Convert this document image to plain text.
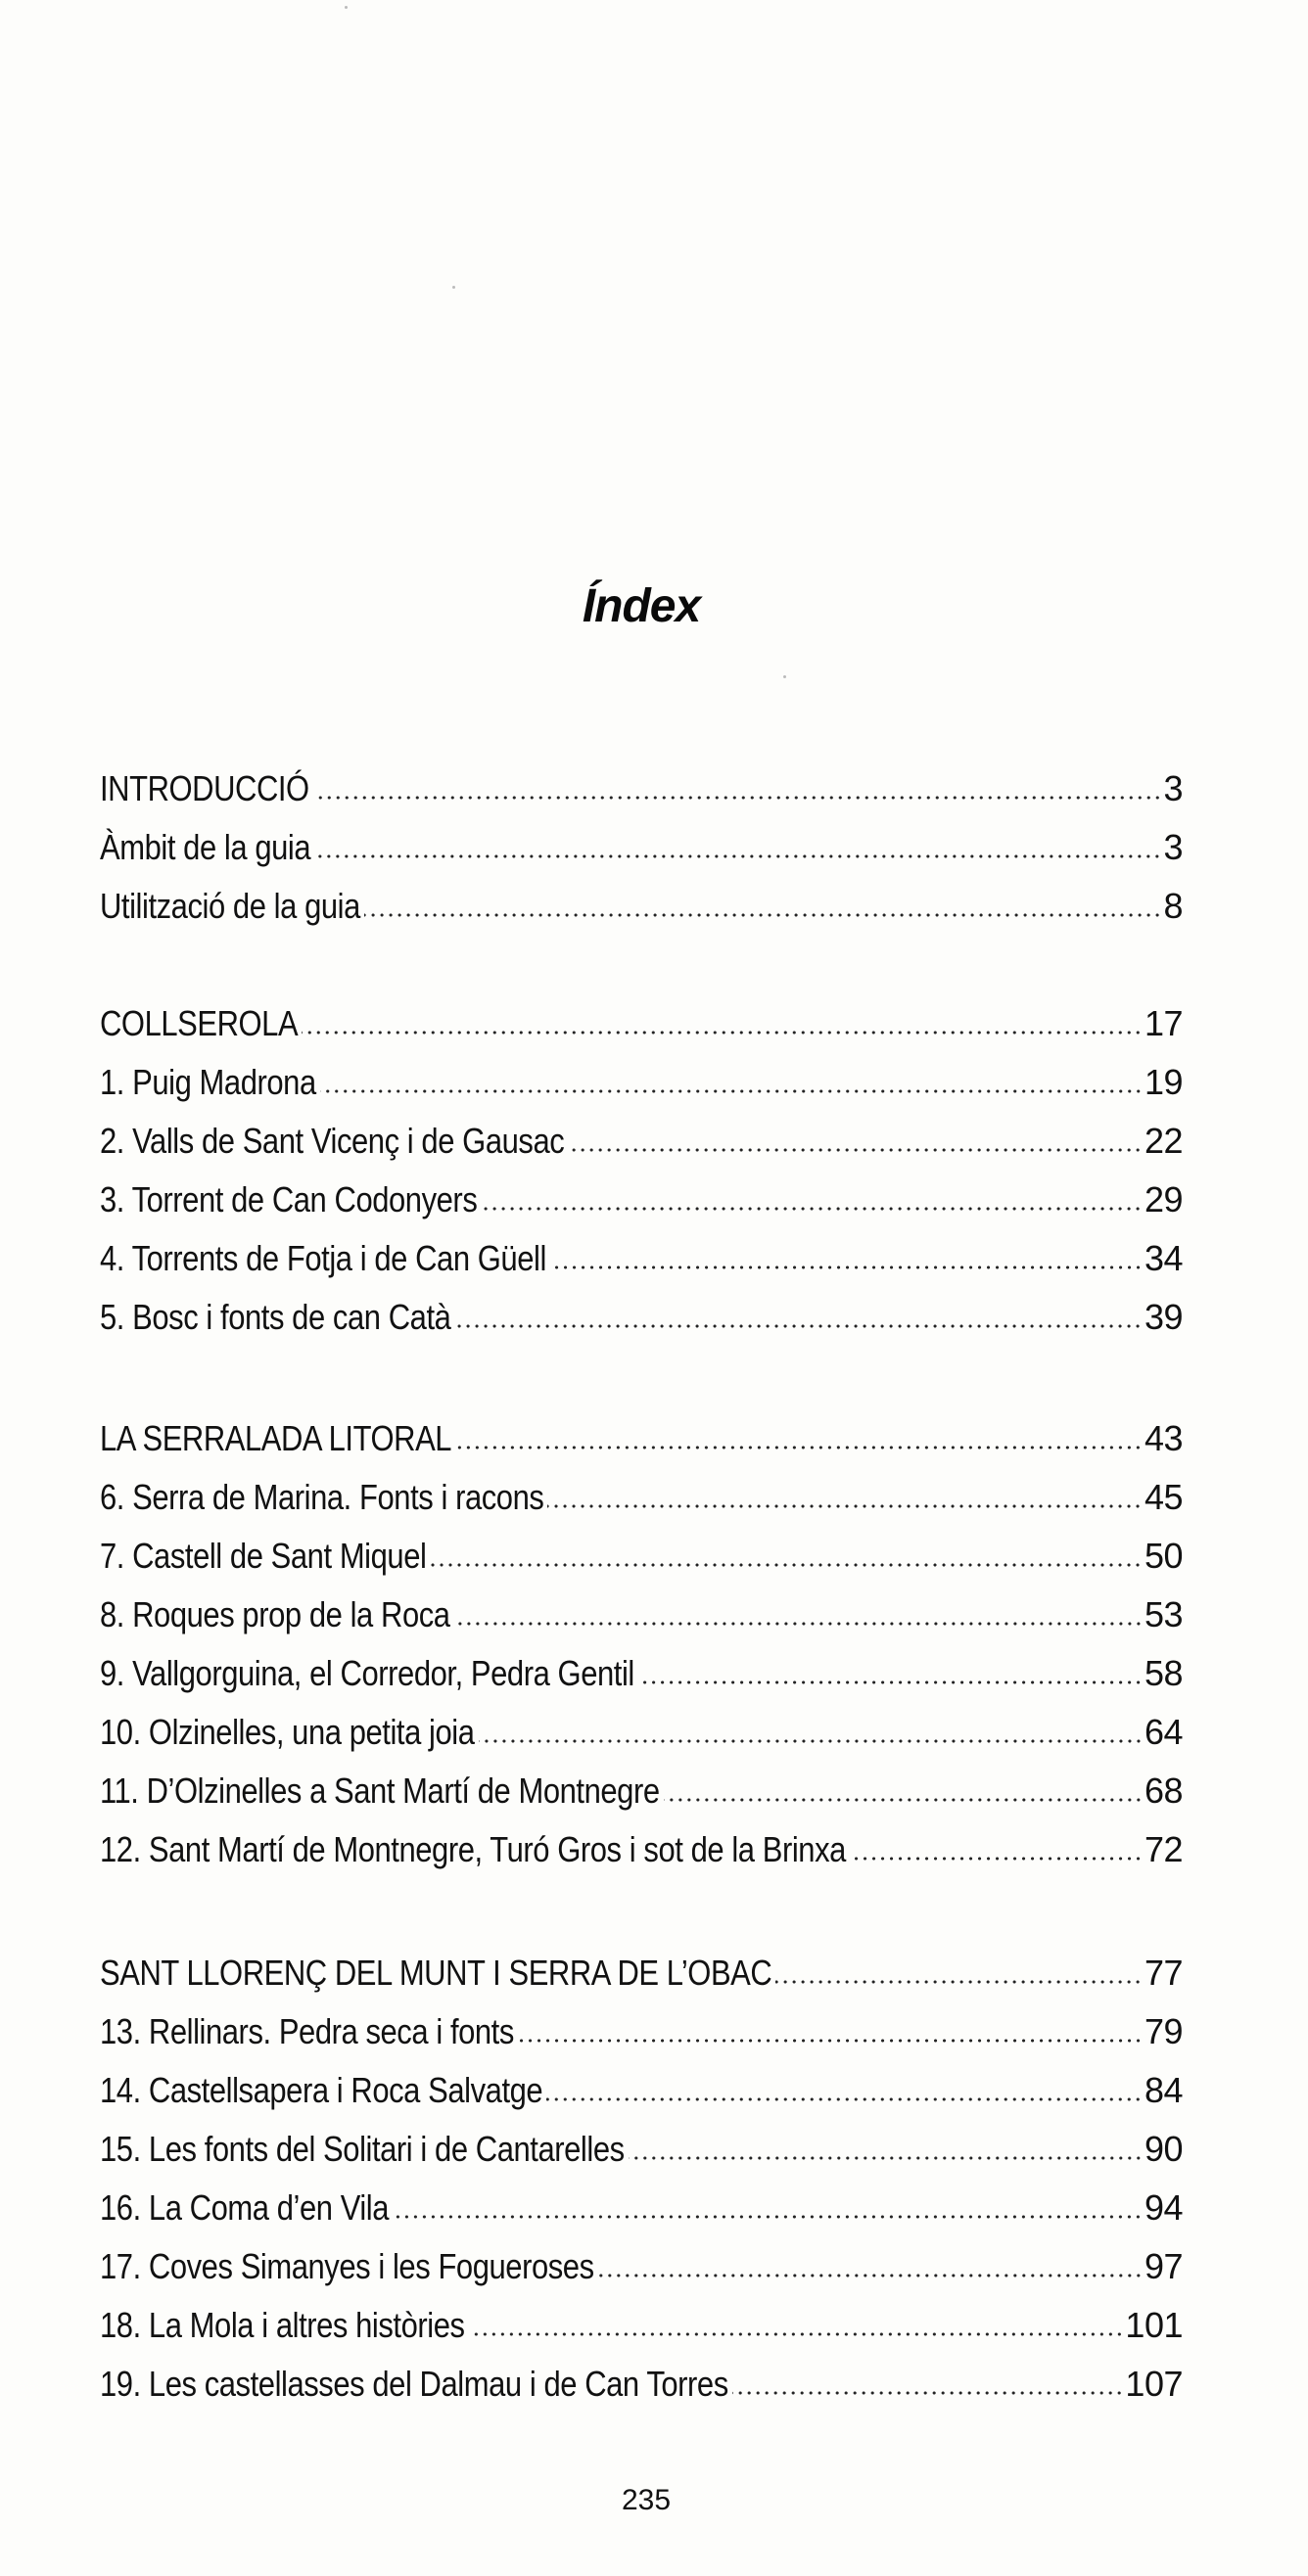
Índex
INTRODUCCIÓ	3
Àmbit de la guia	3
Utilització de la guia	8
COLLSEROLA	17
1. Puig Madrona	19
2. Valls de Sant Vicenç i de Gausac	22
3. Torrent de Can Codonyers	29
4. Torrents de Fotja i de Can Güell	34
5. Bosc i fonts de can Catà	39
LA SERRALADA LITORAL	43
6. Serra de Marina. Fonts i racons	45
7. Castell de Sant Miquel	50
8. Roques prop de la Roca	53
9. Vallgorguina, el Corredor, Pedra Gentil	58
10. Olzinelles, una petita joia	64
11. D’Olzinelles a Sant Martí de Montnegre	68
12. Sant Martí de Montnegre, Turó Gros i sot de la Brinxa	72
SANT LLORENÇ DEL MUNT I SERRA DE L’OBAC	77
13. Rellinars. Pedra seca i fonts	79
14. Castellsapera i Roca Salvatge	84
15. Les fonts del Solitari i de Cantarelles	90
16. La Coma d’en Vila	94
17. Coves Simanyes i les Fogueroses	97
18. La Mola i altres històries	101
19. Les castellasses del Dalmau i de Can Torres	107
235
